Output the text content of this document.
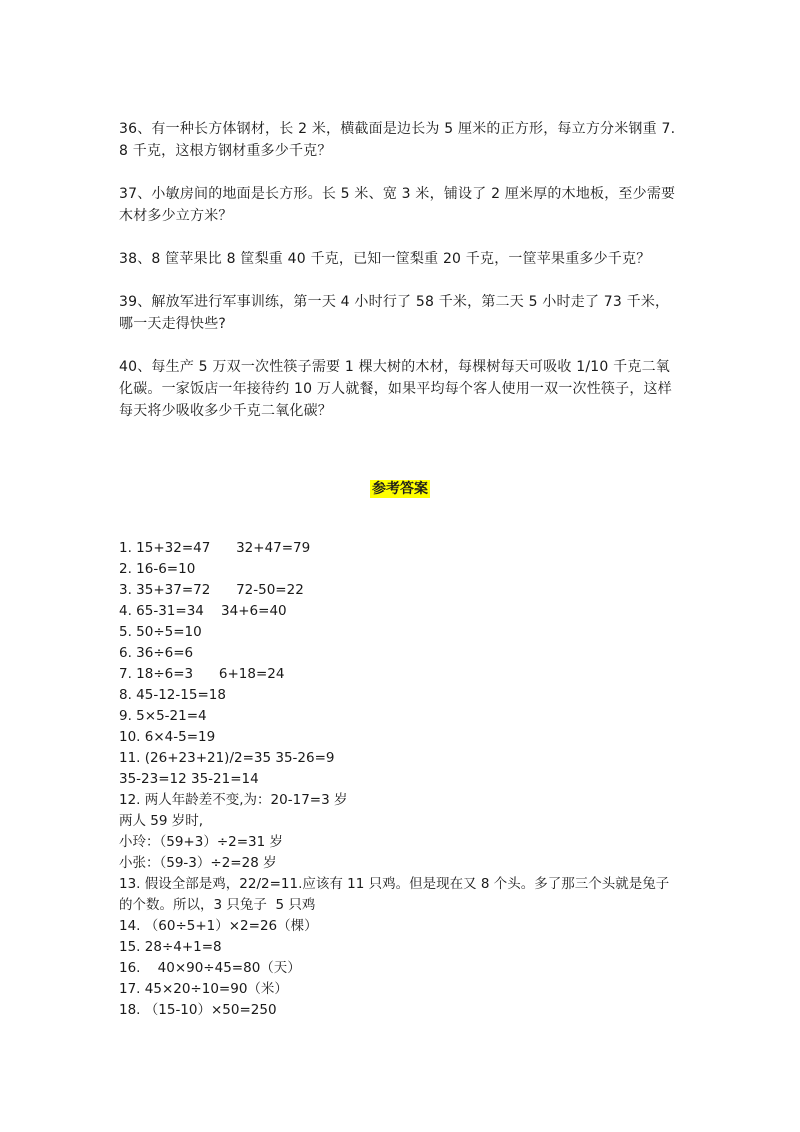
36、有一种长方体钢材，长 2 米，横截面是边长为 5 厘米的正方形，每立方分米钢重 7.8 千克，这根方钢材重多少千克？

37、小敏房间的地面是长方形。长 5 米、宽 3 米，铺设了 2 厘米厚的木地板，至少需要木材多少立方米？

38、8 筐苹果比 8 筐梨重 40 千克，已知一筐梨重 20 千克，一筐苹果重多少千克？

39、解放军进行军事训练，第一天 4 小时行了 58 千米，第二天 5 小时走了 73 千米，哪一天走得快些?

40、每生产 5 万双一次性筷子需要 1 棵大树的木材，每棵树每天可吸收 1/10 千克二氧化碳。一家饭店一年接待约 10 万人就餐，如果平均每个客人使用一双一次性筷子，这样每天将少吸收多少千克二氧化碳？

参考答案
1. 15+32=47      32+47=79
2. 16-6=10
3. 35+37=72      72-50=22
4. 65-31=34    34+6=40
5. 50÷5=10
6. 36÷6=6
7. 18÷6=3      6+18=24
8. 45-12-15=18
9. 5×5-21=4
10. 6×4-5=19
11. (26+23+21)/2=35 35-26=9
35-23=12 35-21=14
12. 两人年龄差不变,为：20-17=3 岁
两人 59 岁时,
小玲：（59+3）÷2=31 岁
小张：（59-3）÷2=28 岁
13. 假设全部是鸡，22/2=11.应该有 11 只鸡。但是现在又 8 个头。多了那三个头就是兔子的个数。所以，3 只兔子  5 只鸡
14. （60÷5+1）×2=26（棵）
15. 28÷4+1=8
16.    40×90÷45=80（天）
17. 45×20÷10=90（米）
18. （15-10）×50=250
